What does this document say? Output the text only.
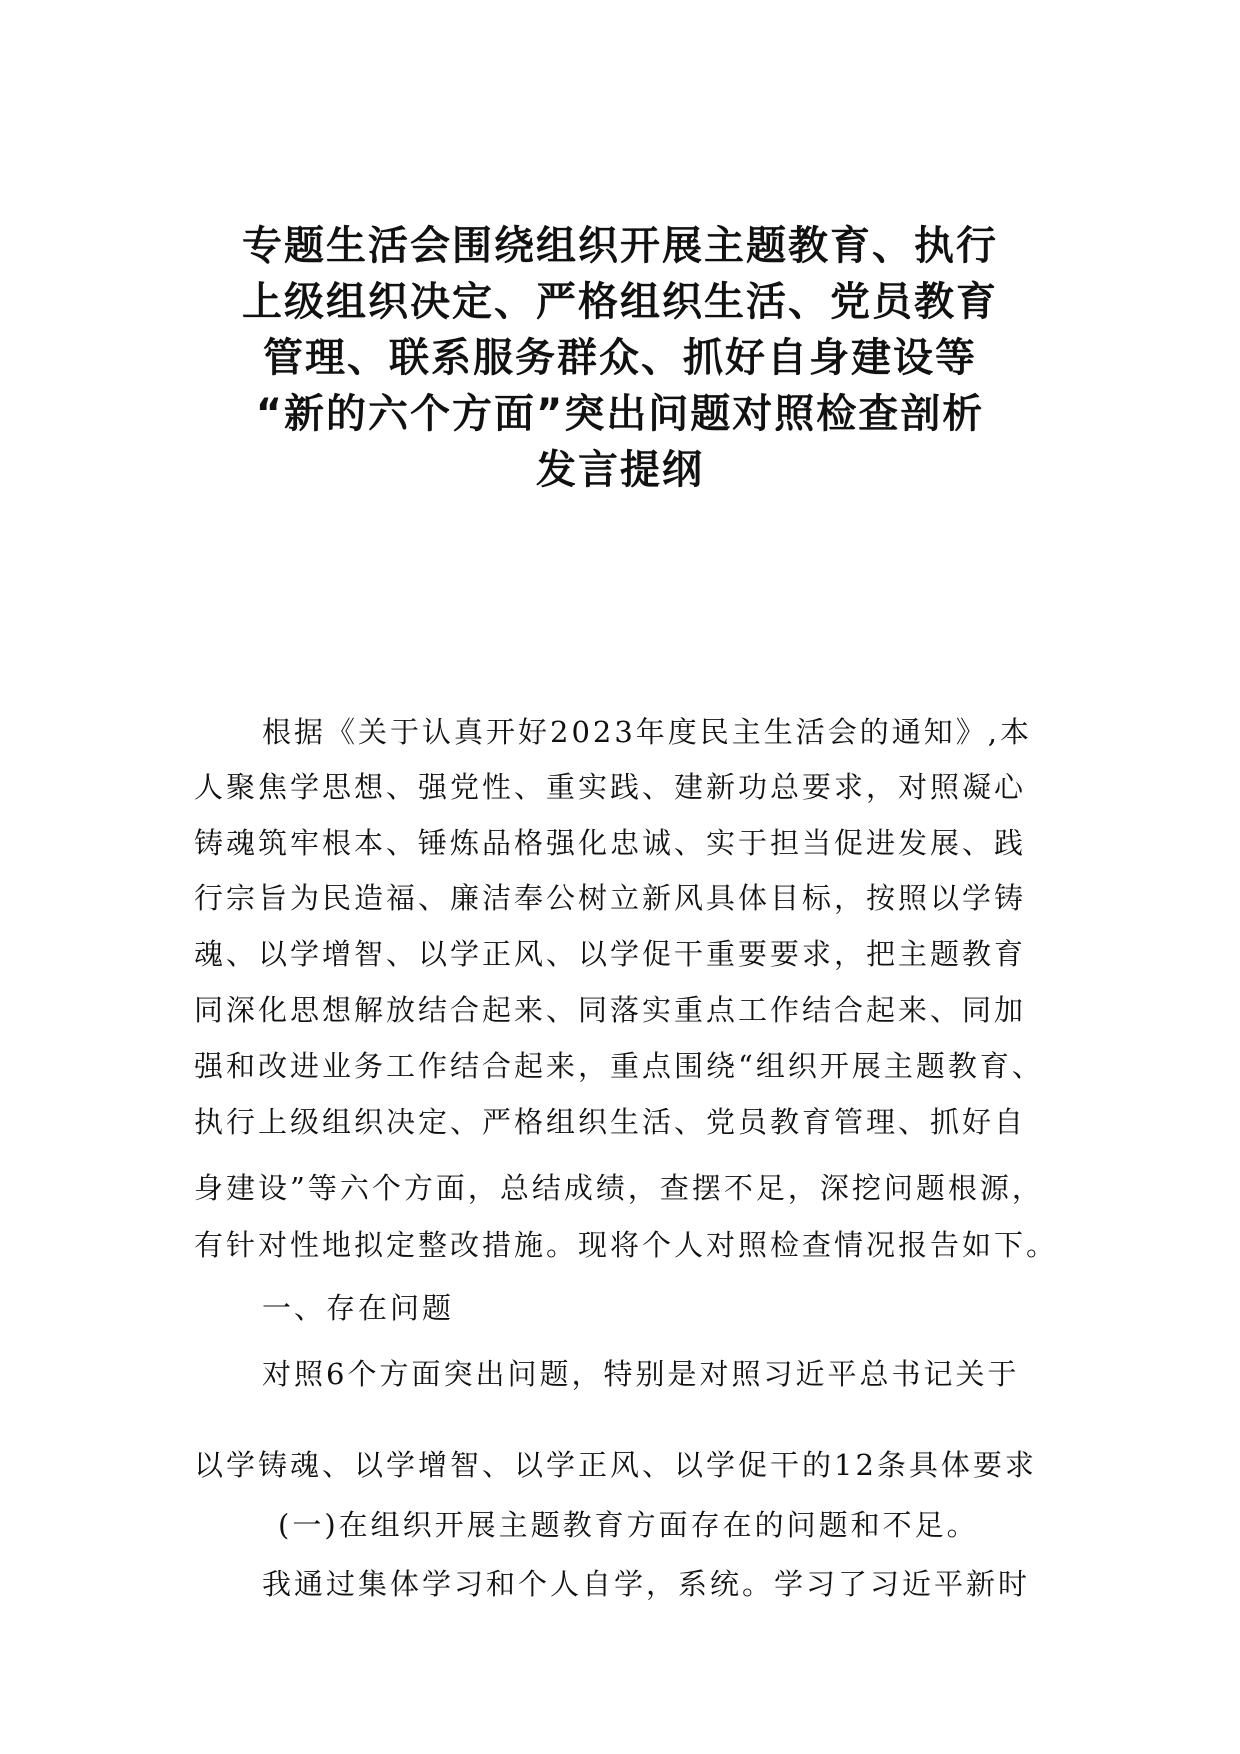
专题生活会围绕组织开展主题教育、执行
上级组织决定、严格组织生活、党员教育
管理、联系服务群众、抓好自身建设等
“新的六个方面”突出问题对照检查剖析
发言提纲
根据《关于认真开好2023年度民主生活会的通知》,本
人聚焦学思想、强党性、重实践、建新功总要求，对照凝心
铸魂筑牢根本、锤炼品格强化忠诚、实于担当促进发展、践
行宗旨为民造福、廉洁奉公树立新风具体目标，按照以学铸
魂、以学增智、以学正风、以学促干重要要求，把主题教育
同深化思想解放结合起来、同落实重点工作结合起来、同加
强和改进业务工作结合起来，重点围绕“组织开展主题教育、
执行上级组织决定、严格组织生活、党员教育管理、抓好自
身建设”等六个方面，总结成绩，查摆不足，深挖问题根源，
有针对性地拟定整改措施。现将个人对照检查情况报告如下。
一、存在问题
对照6个方面突出问题，特别是对照习近平总书记关于
以学铸魂、以学增智、以学正风、以学促干的12条具体要求
(一)在组织开展主题教育方面存在的问题和不足。
我通过集体学习和个人自学，系统。学习了习近平新时
